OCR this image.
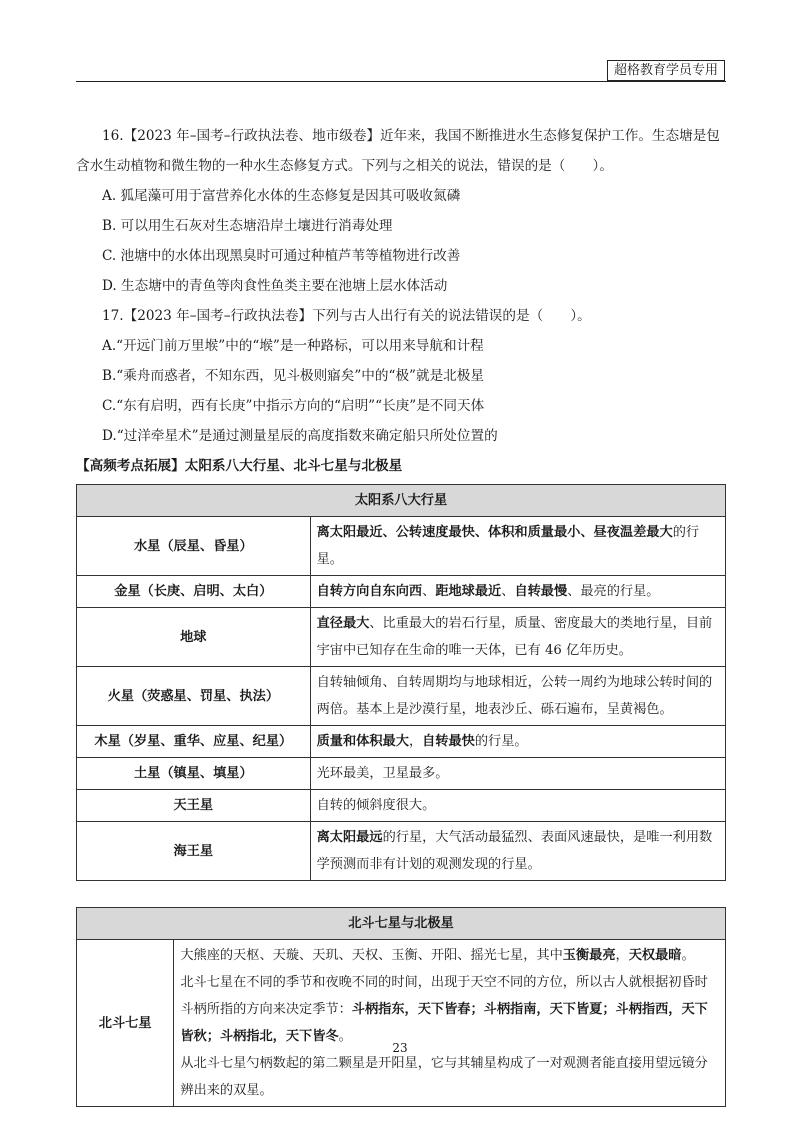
超格教育学员专用

16.【2023 年–国考–行政执法卷、地市级卷】近年来，我国不断推进水生态修复保护工作。生态塘是包含水生动植物和微生物的一种水生态修复方式。下列与之相关的说法，错误的是（　　）。

A. 狐尾藻可用于富营养化水体的生态修复是因其可吸收氮磷

B. 可以用生石灰对生态塘沿岸土壤进行消毒处理

C. 池塘中的水体出现黑臭时可通过种植芦苇等植物进行改善

D. 生态塘中的青鱼等肉食性鱼类主要在池塘上层水体活动

17.【2023 年–国考–行政执法卷】下列与古人出行有关的说法错误的是（　　）。

A.“开远门前万里堠”中的“堠”是一种路标，可以用来导航和计程

B.“乘舟而惑者，不知东西，见斗极则寤矣”中的“极”就是北极星

C.“东有启明，西有长庚”中指示方向的“启明”“长庚”是不同天体

D.“过洋牵星术”是通过测量星辰的高度指数来确定船只所处位置的

【高频考点拓展】太阳系八大行星、北斗七星与北极星

太阳系八大行星	
水星（辰星、昏星）	离太阳最近、公转速度最快、体积和质量最小、昼夜温差最大的行星。
金星（长庚、启明、太白）	自转方向自东向西、距地球最近、自转最慢、最亮的行星。
地球	直径最大、比重最大的岩石行星，质量、密度最大的类地行星，目前宇宙中已知存在生命的唯一天体，已有 46 亿年历史。
火星（荧惑星、罚星、执法）	自转轴倾角、自转周期均与地球相近，公转一周约为地球公转时间的两倍。基本上是沙漠行星，地表沙丘、砾石遍布，呈黄褐色。
木星（岁星、重华、应星、纪星）	质量和体积最大，自转最快的行星。
土星（镇星、填星）	光环最美，卫星最多。
天王星	自转的倾斜度很大。
海王星	离太阳最远的行星，大气活动最猛烈、表面风速最快，是唯一利用数学预测而非有计划的观测发现的行星。
北斗七星与北极星
北斗七星	

大熊座的天枢、天璇、天玑、天权、玉衡、开阳、摇光七星，其中玉衡最亮，天权最暗。

北斗七星在不同的季节和夜晚不同的时间，出现于天空不同的方位，所以古人就根据初昏时斗柄所指的方向来决定季节：斗柄指东，天下皆春；斗柄指南，天下皆夏；斗柄指西，天下皆秋；斗柄指北，天下皆冬。

从北斗七星勺柄数起的第二颗星是开阳星，它与其辅星构成了一对观测者能直接用望远镜分辨出来的双星。

23
